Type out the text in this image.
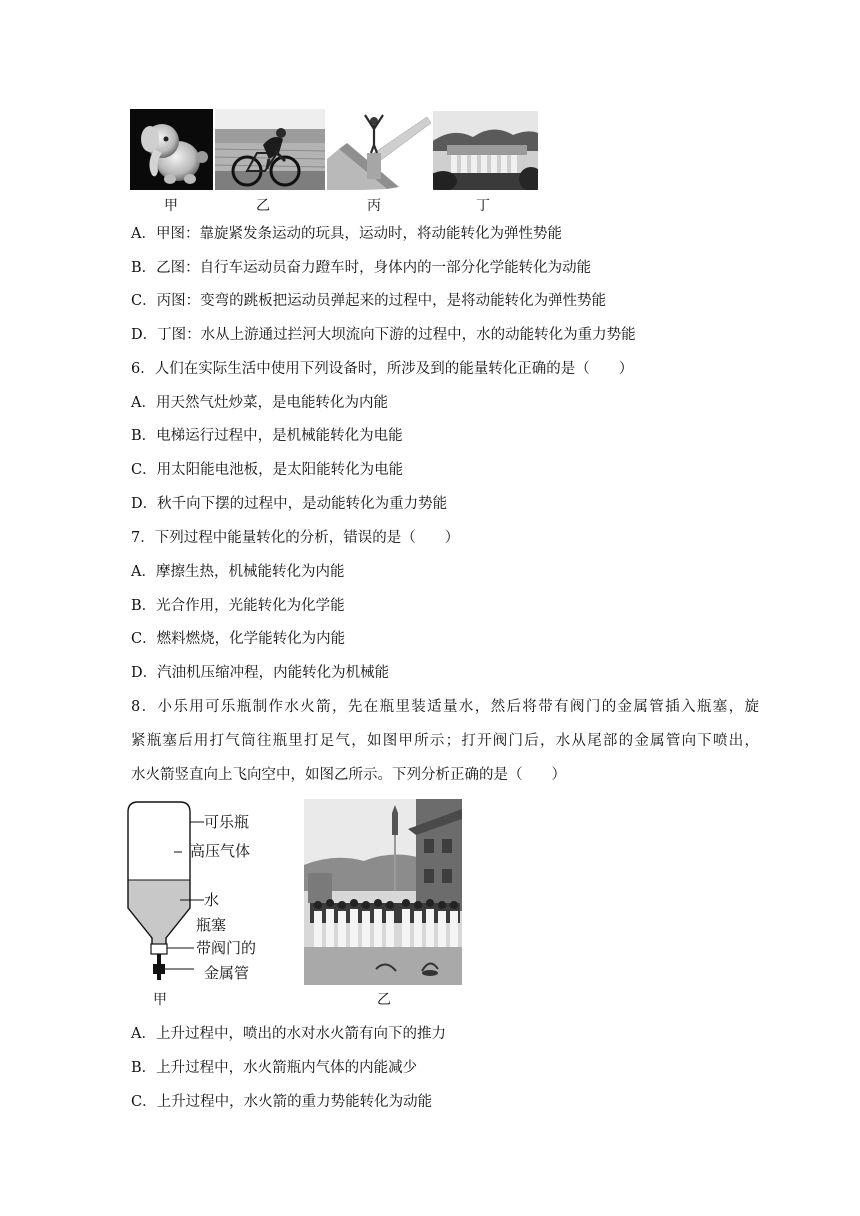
甲	乙	丙	丁
A．甲图：靠旋紧发条运动的玩具，运动时，将动能转化为弹性势能
B．乙图：自行车运动员奋力蹬车时，身体内的一部分化学能转化为动能
C．丙图：变弯的跳板把运动员弹起来的过程中，是将动能转化为弹性势能
D．丁图：水从上游通过拦河大坝流向下游的过程中，水的动能转化为重力势能
6．人们在实际生活中使用下列设备时，所涉及到的能量转化正确的是（　　）
A．用天然气灶炒菜，是电能转化为内能
B．电梯运行过程中，是机械能转化为电能
C．用太阳能电池板，是太阳能转化为电能
D．秋千向下摆的过程中，是动能转化为重力势能
7．下列过程中能量转化的分析，错误的是（　　）
A．摩擦生热，机械能转化为内能
B．光合作用，光能转化为化学能
C．燃料燃烧，化学能转化为内能
D．汽油机压缩冲程，内能转化为机械能
8．小乐用可乐瓶制作水火箭，先在瓶里装适量水，然后将带有阀门的金属管插入瓶塞，旋
紧瓶塞后用打气筒往瓶里打足气，如图甲所示；打开阀门后，水从尾部的金属管向下喷出，
水火箭竖直向上飞向空中，如图乙所示。下列分析正确的是（　　）
可乐瓶
高压气体
水
瓶塞
带阀门的
金属管
甲	乙
A．上升过程中，喷出的水对水火箭有向下的推力
B．上升过程中，水火箭瓶内气体的内能减少
C．上升过程中，水火箭的重力势能转化为动能
